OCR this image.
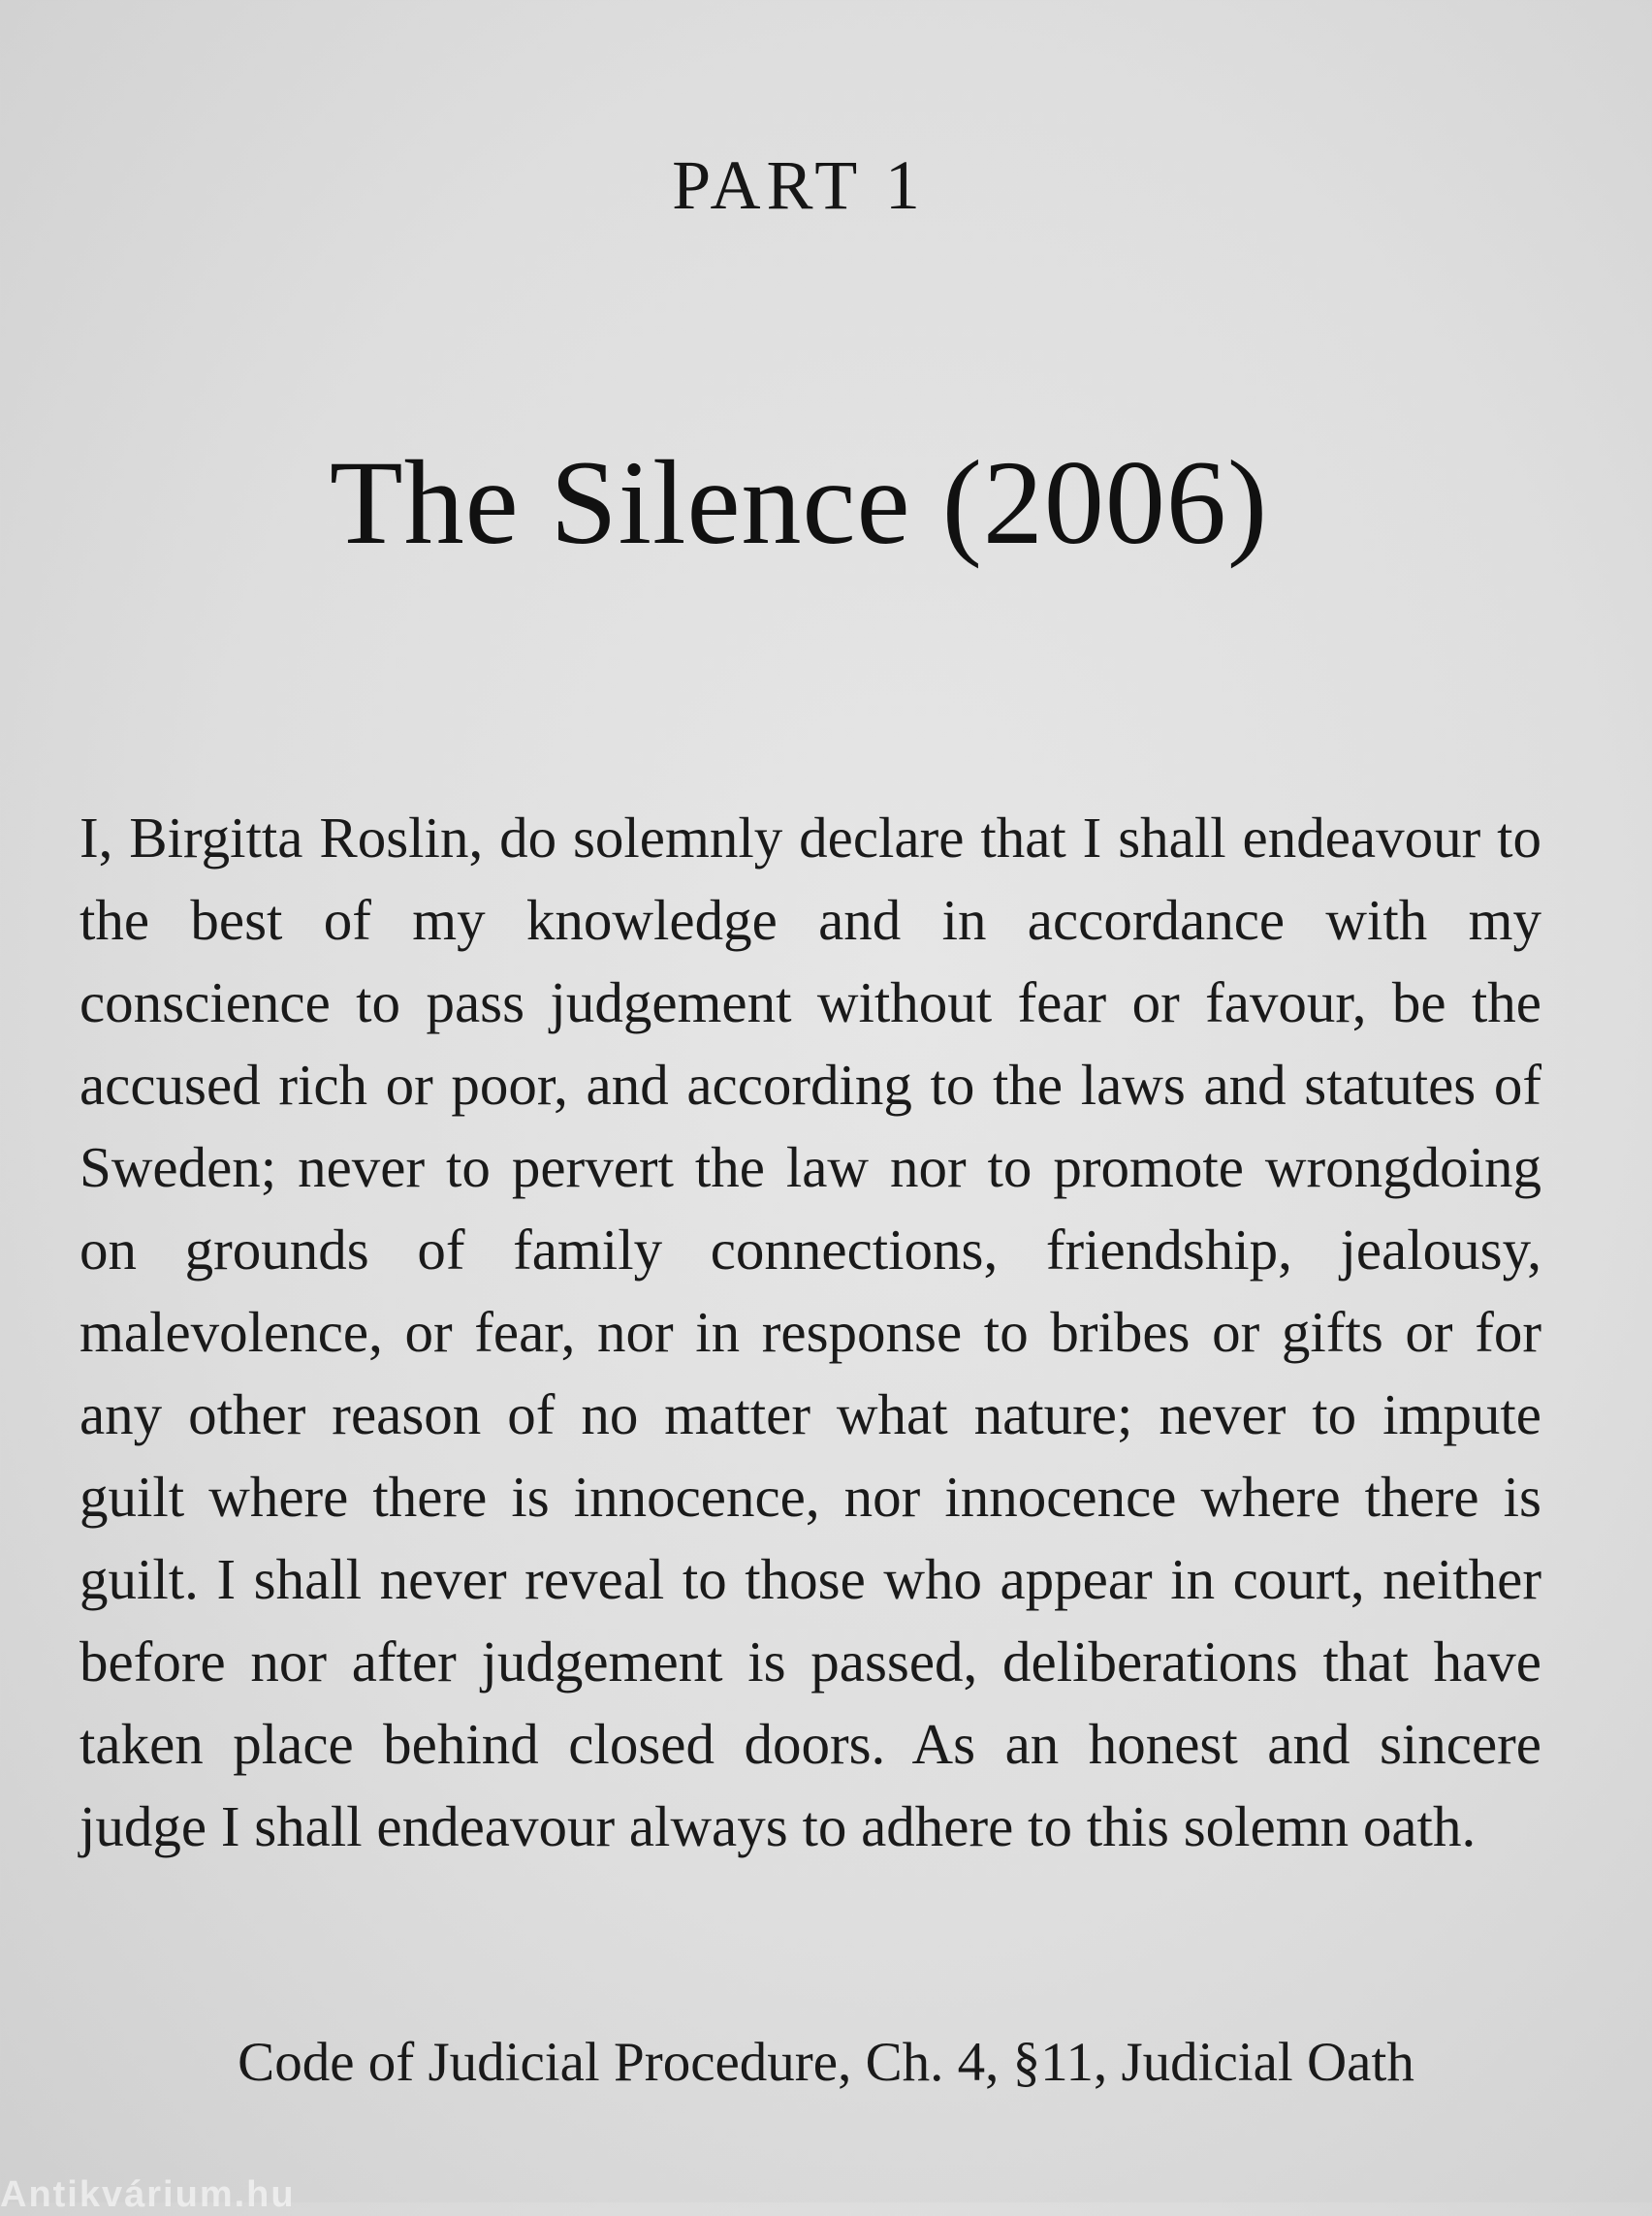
PART 1
The Silence (2006)
I, Birgitta Roslin, do solemnly declare that I shall endeavour to the best of my knowledge and in accordance with my conscience to pass judgement without fear or favour, be the accused rich or poor, and according to the laws and statutes of Sweden; never to pervert the law nor to promote wrongdoing on grounds of family connections, friendship, jealousy, malevolence, or fear, nor in response to bribes or gifts or for any other reason of no matter what nature; never to impute guilt where there is innocence, nor innocence where there is guilt. I shall never reveal to those who appear in court, neither before nor after judgement is passed, deliberations that have taken place behind closed doors. As an honest and sincere judge I shall endeavour always to adhere to this solemn oath.
Code of Judicial Procedure, Ch. 4, §11, Judicial Oath
Antikvárium.hu
